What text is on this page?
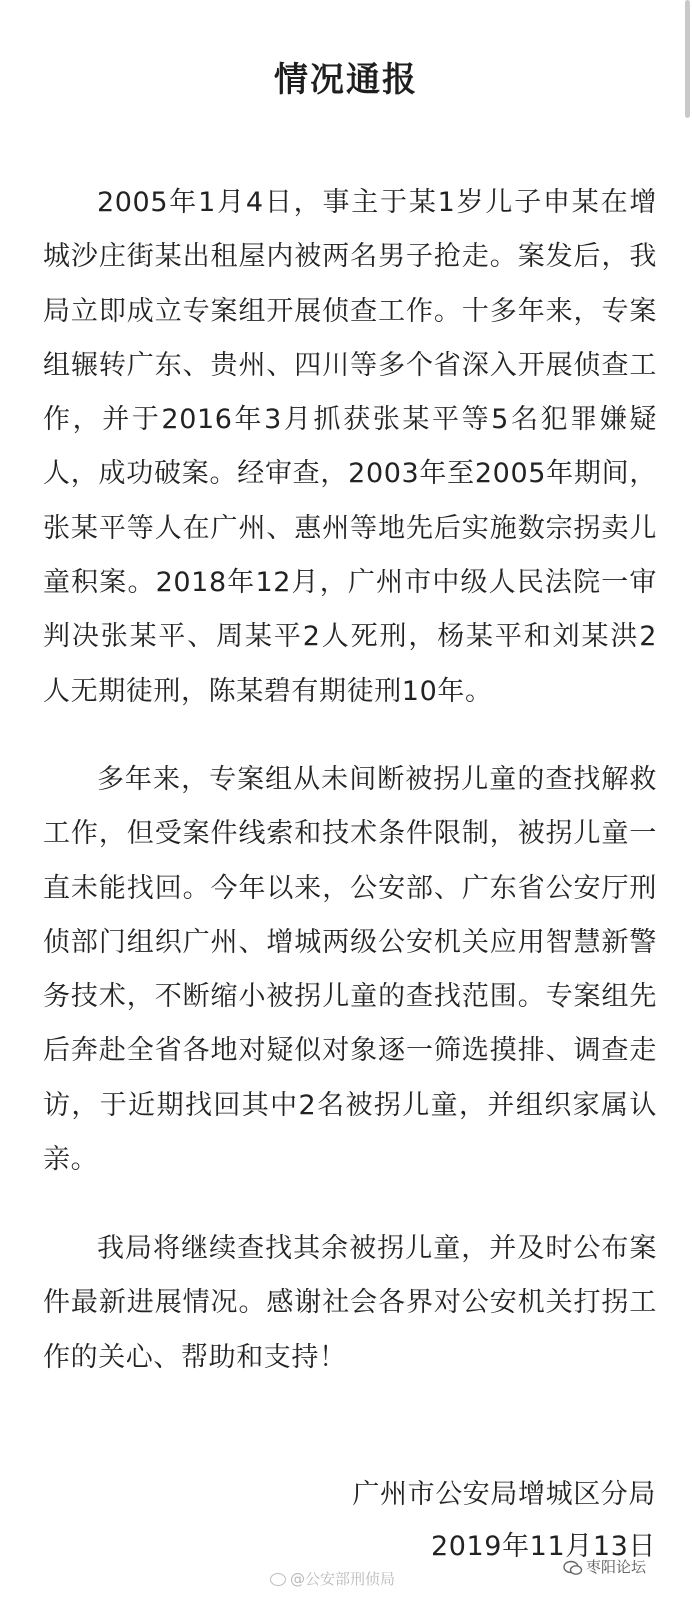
情况通报

2005年1月4日，事主于某1岁儿子申某在增城沙庄街某出租屋内被两名男子抢走。案发后，我局立即成立专案组开展侦查工作。十多年来，专案组辗转广东、贵州、四川等多个省深入开展侦查工作，并于2016年3月抓获张某平等5名犯罪嫌疑人，成功破案。经审查，2003年至2005年期间，张某平等人在广州、惠州等地先后实施数宗拐卖儿童积案。2018年12月，广州市中级人民法院一审判决张某平、周某平2人死刑，杨某平和刘某洪2人无期徒刑，陈某碧有期徒刑10年。

多年来，专案组从未间断被拐儿童的查找解救工作，但受案件线索和技术条件限制，被拐儿童一直未能找回。今年以来，公安部、广东省公安厅刑侦部门组织广州、增城两级公安机关应用智慧新警务技术，不断缩小被拐儿童的查找范围。专案组先后奔赴全省各地对疑似对象逐一筛选摸排、调查走访，于近期找回其中2名被拐儿童，并组织家属认亲。

我局将继续查找其余被拐儿童，并及时公布案件最新进展情况。感谢社会各界对公安机关打拐工作的关心、帮助和支持！

广州市公安局增城区分局
2019年11月13日
@公安部刑侦局
枣阳论坛
